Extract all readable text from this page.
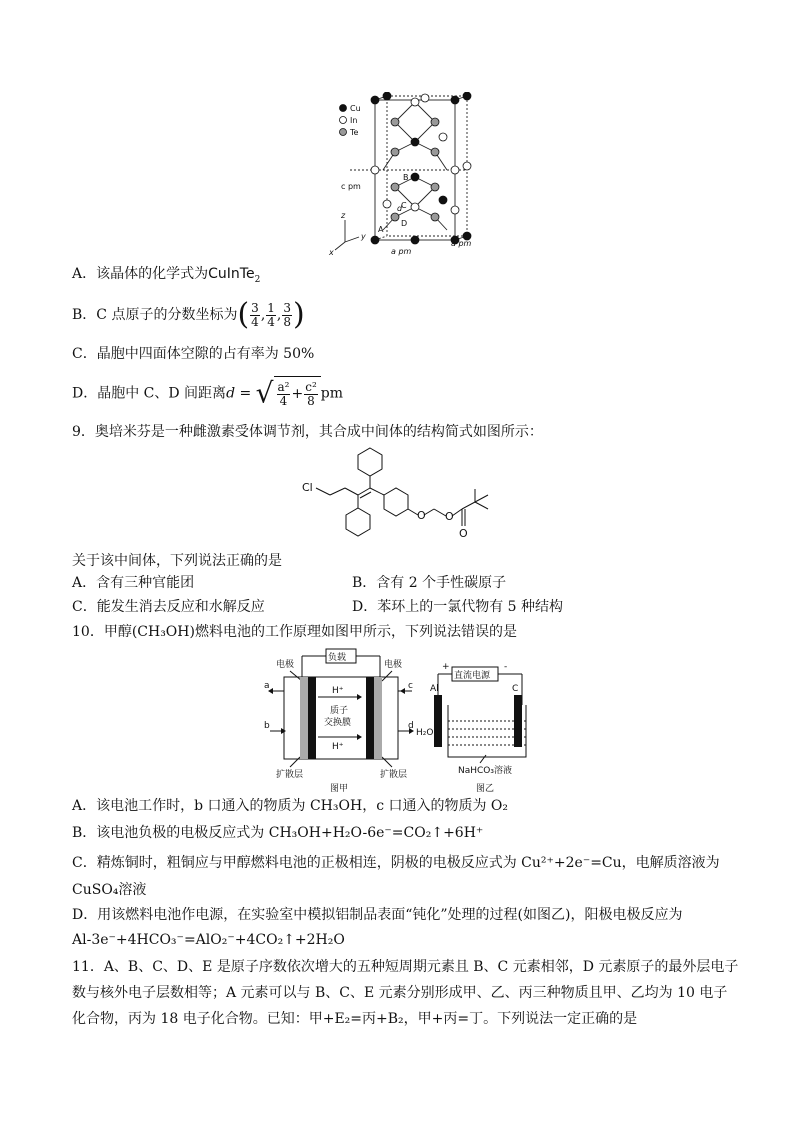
Cu
In
Te
B
C
d
D
A
c pm
a pm
a pm
z
y
x
A．该晶体的化学式为CuInTe$_2$
B．C 点原子的分数坐标为( $\frac{3}{4}$ , $\frac{1}{4}$ , $\frac{3}{8}$ )
C．晶胞中四面体空隙的占有率为 50%
D．晶胞中 C、D 间距离d = √ $\frac{\text{a²}}{4} + \frac{\text{c²}}{8}$ pm
9．奥培米芬是一种雌激素受体调节剂，其合成中间体的结构简式如图所示：
Cl
O O
O
关于该中间体，下列说法正确的是
A．含有三种官能团	B．含有 2 个手性碳原子
C．能发生消去反应和水解反应	D．苯环上的一氯代物有 5 种结构
10．甲醇(CH₃OH)燃料电池的工作原理如图甲所示，下列说法错误的是
负载
电极	电极
a
b
c
d
H⁺
H⁺
质子
交换膜
H₂O
扩散层	扩散层
图甲
+	-
直流电源
Al	C
NaHCO₃溶液
图乙
A．该电池工作时，b 口通入的物质为 CH₃OH，c 口通入的物质为 O₂
B．该电池负极的电极反应式为 CH₃OH+H₂O-6e⁻=CO₂↑+6H⁺
C．精炼铜时，粗铜应与甲醇燃料电池的正极相连，阴极的电极反应式为 Cu²⁺+2e⁻=Cu，电解质溶液为
CuSO₄溶液
D．用该燃料电池作电源，在实验室中模拟铝制品表面“钝化”处理的过程(如图乙)，阳极电极反应为
Al-3e⁻+4HCO₃⁻=AlO₂⁻+4CO₂↑+2H₂O
11．A、B、C、D、E 是原子序数依次增大的五种短周期元素且 B、C 元素相邻，D 元素原子的最外层电子
数与核外电子层数相等；A 元素可以与 B、C、E 元素分别形成甲、乙、丙三种物质且甲、乙均为 10 电子
化合物，丙为 18 电子化合物。已知：甲+E₂=丙+B₂，甲+丙=丁。下列说法一定正确的是
